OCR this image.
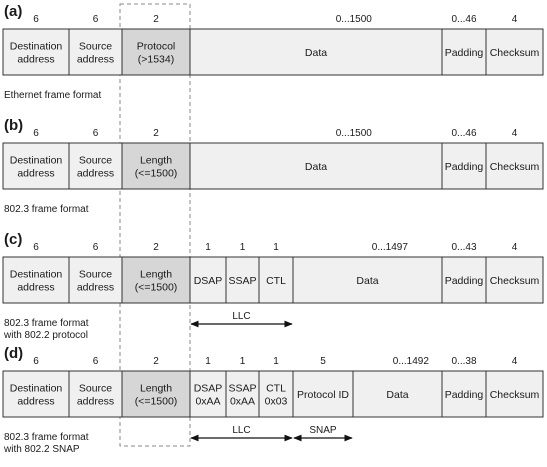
(a) 6
Destination
address
6
Source
address
2
Protocol
(>1534)
0...1500
Data
0...46
Padding
4
Checksum
Ethernet frame format
(b) 6
Destination
address
6
Source
address
2
Length
(<=1500)
0...1500
Data
0...46
Padding
4
Checksum
802.3 frame format
(c) 6
Destination
address
6
Source
address
2
Length
(<=1500)
1
DSAP
1
SSAP
1
CTL
0...1497
Data
0...43
Padding
4
Checksum
802.3 frame format
with 802.2 protocol
LLC
(d) 6
Destination
address
6
Source
address
2
Length
(<=1500)
1
DSAP
0xAA
1
SSAP
0xAA
1
CTL
0x03
5
Protocol ID
0...1492
Data
0...38
Padding
4
Checksum
802.3 frame format
with 802.2 SNAP
LLC	SNAP
